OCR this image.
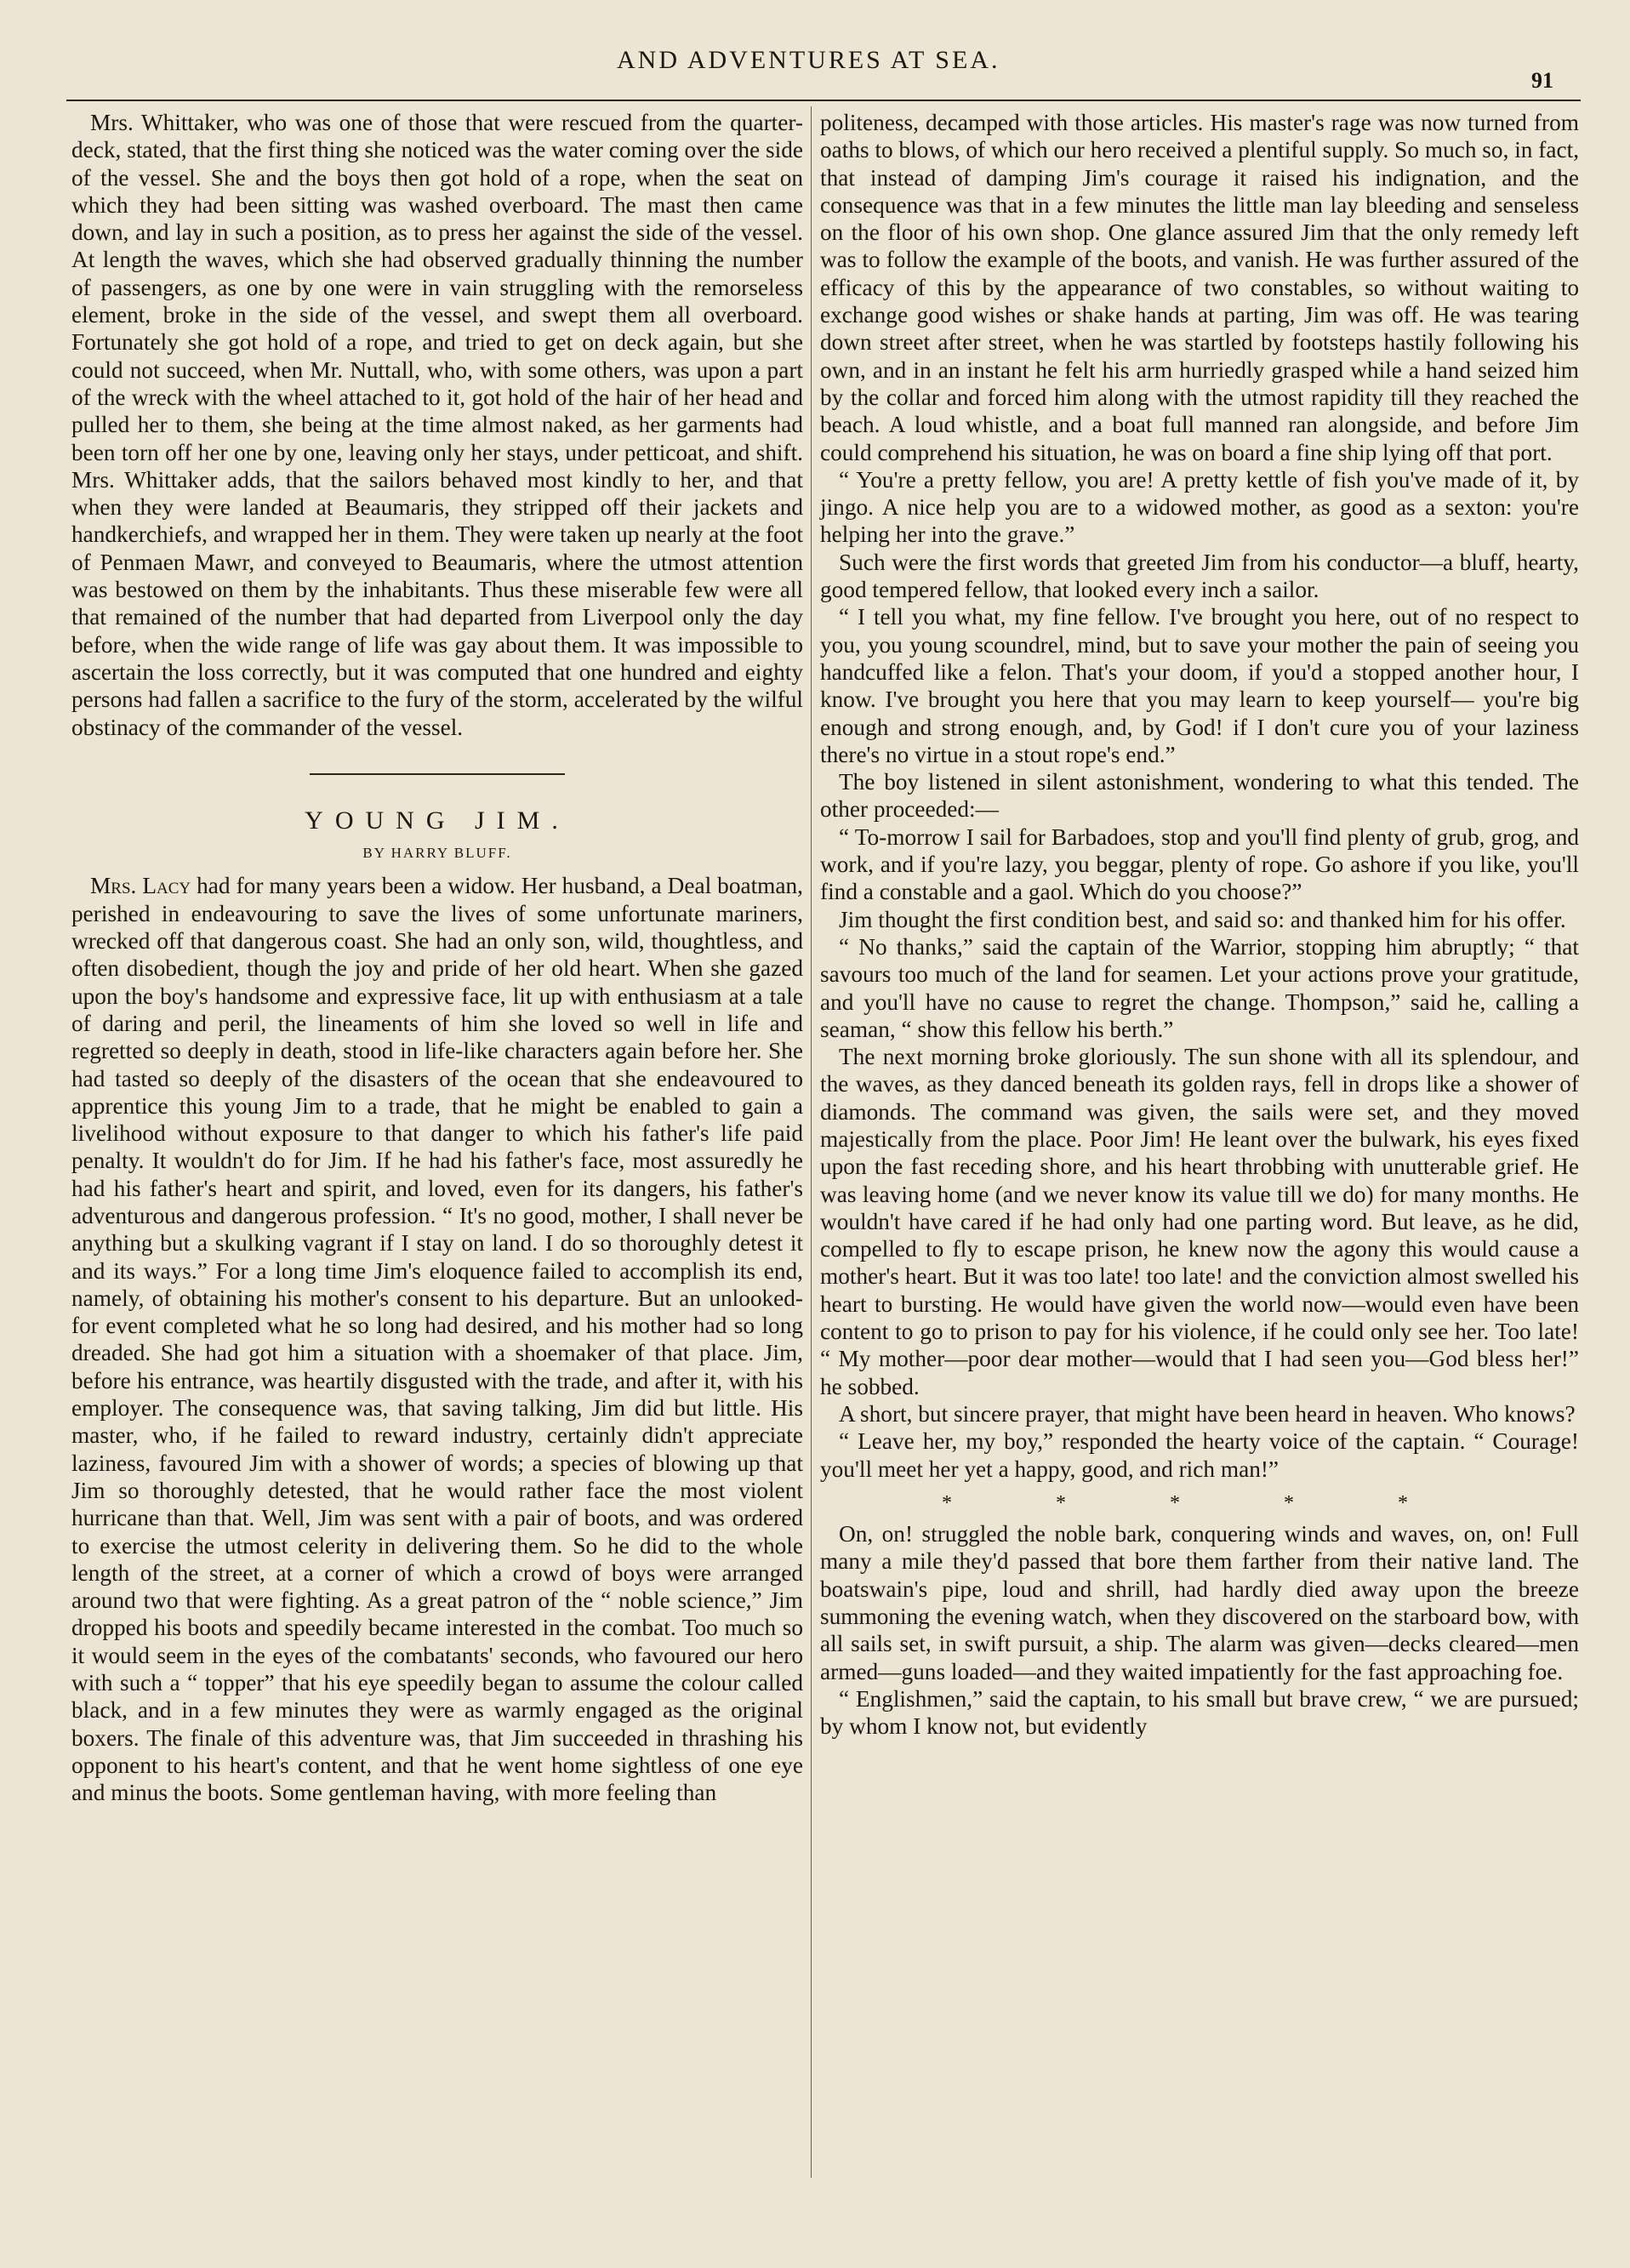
AND ADVENTURES AT SEA.
91

Mrs. Whittaker, who was one of those that were rescued from the quarter-deck, stated, that the first thing she noticed was the water coming over the side of the vessel. She and the boys then got hold of a rope, when the seat on which they had been sitting was washed overboard. The mast then came down, and lay in such a position, as to press her against the side of the vessel. At length the waves, which she had observed gradually thinning the number of passengers, as one by one were in vain struggling with the remorseless element, broke in the side of the vessel, and swept them all overboard. Fortunately she got hold of a rope, and tried to get on deck again, but she could not succeed, when Mr. Nuttall, who, with some others, was upon a part of the wreck with the wheel attached to it, got hold of the hair of her head and pulled her to them, she being at the time almost naked, as her garments had been torn off her one by one, leaving only her stays, under petticoat, and shift. Mrs. Whittaker adds, that the sailors behaved most kindly to her, and that when they were landed at Beaumaris, they stripped off their jackets and handkerchiefs, and wrapped her in them. They were taken up nearly at the foot of Penmaen Mawr, and conveyed to Beaumaris, where the utmost attention was bestowed on them by the inhabitants. Thus these miserable few were all that remained of the number that had departed from Liverpool only the day before, when the wide range of life was gay about them. It was impossible to ascertain the loss correctly, but it was computed that one hundred and eighty persons had fallen a sacrifice to the fury of the storm, accelerated by the wilful obstinacy of the commander of the vessel.

YOUNG JIM.
BY HARRY BLUFF.

Mrs. Lacy had for many years been a widow. Her husband, a Deal boatman, perished in endeavouring to save the lives of some unfortunate mariners, wrecked off that dangerous coast. She had an only son, wild, thoughtless, and often disobedient, though the joy and pride of her old heart. When she gazed upon the boy's handsome and expressive face, lit up with enthusiasm at a tale of daring and peril, the lineaments of him she loved so well in life and regretted so deeply in death, stood in life-like characters again before her. She had tasted so deeply of the disasters of the ocean that she endeavoured to apprentice this young Jim to a trade, that he might be enabled to gain a livelihood without exposure to that danger to which his father's life paid penalty. It wouldn't do for Jim. If he had his father's face, most assuredly he had his father's heart and spirit, and loved, even for its dangers, his father's adventurous and dangerous profession. “ It's no good, mother, I shall never be anything but a skulking vagrant if I stay on land. I do so thoroughly detest it and its ways.” For a long time Jim's eloquence failed to accomplish its end, namely, of obtaining his mother's consent to his departure. But an unlooked-for event completed what he so long had desired, and his mother had so long dreaded. She had got him a situation with a shoemaker of that place. Jim, before his entrance, was heartily disgusted with the trade, and after it, with his employer. The consequence was, that saving talking, Jim did but little. His master, who, if he failed to reward industry, certainly didn't appreciate laziness, favoured Jim with a shower of words; a species of blowing up that Jim so thoroughly detested, that he would rather face the most violent hurricane than that. Well, Jim was sent with a pair of boots, and was ordered to exercise the utmost celerity in delivering them. So he did to the whole length of the street, at a corner of which a crowd of boys were arranged around two that were fighting. As a great patron of the “ noble science,” Jim dropped his boots and speedily became interested in the combat. Too much so it would seem in the eyes of the combatants' seconds, who favoured our hero with such a “ topper” that his eye speedily began to assume the colour called black, and in a few minutes they were as warmly engaged as the original boxers. The finale of this adventure was, that Jim succeeded in thrashing his opponent to his heart's content, and that he went home sightless of one eye and minus the boots. Some gentleman having, with more feeling than

politeness, decamped with those articles. His master's rage was now turned from oaths to blows, of which our hero received a plentiful supply. So much so, in fact, that instead of damping Jim's courage it raised his indignation, and the consequence was that in a few minutes the little man lay bleeding and senseless on the floor of his own shop. One glance assured Jim that the only remedy left was to follow the example of the boots, and vanish. He was further assured of the efficacy of this by the appearance of two constables, so without waiting to exchange good wishes or shake hands at parting, Jim was off. He was tearing down street after street, when he was startled by footsteps hastily following his own, and in an instant he felt his arm hurriedly grasped while a hand seized him by the collar and forced him along with the utmost rapidity till they reached the beach. A loud whistle, and a boat full manned ran alongside, and before Jim could comprehend his situation, he was on board a fine ship lying off that port.

“ You're a pretty fellow, you are! A pretty kettle of fish you've made of it, by jingo. A nice help you are to a widowed mother, as good as a sexton: you're helping her into the grave.”

Such were the first words that greeted Jim from his conductor—a bluff, hearty, good tempered fellow, that looked every inch a sailor.

“ I tell you what, my fine fellow. I've brought you here, out of no respect to you, you young scoundrel, mind, but to save your mother the pain of seeing you handcuffed like a felon. That's your doom, if you'd a stopped another hour, I know. I've brought you here that you may learn to keep yourself— you're big enough and strong enough, and, by God! if I don't cure you of your laziness there's no virtue in a stout rope's end.”

The boy listened in silent astonishment, wondering to what this tended. The other proceeded:—

“ To-morrow I sail for Barbadoes, stop and you'll find plenty of grub, grog, and work, and if you're lazy, you beggar, plenty of rope. Go ashore if you like, you'll find a constable and a gaol. Which do you choose?”

Jim thought the first condition best, and said so: and thanked him for his offer.

“ No thanks,” said the captain of the Warrior, stopping him abruptly; “ that savours too much of the land for seamen. Let your actions prove your gratitude, and you'll have no cause to regret the change. Thompson,” said he, calling a seaman, “ show this fellow his berth.”

The next morning broke gloriously. The sun shone with all its splendour, and the waves, as they danced beneath its golden rays, fell in drops like a shower of diamonds. The command was given, the sails were set, and they moved majestically from the place. Poor Jim! He leant over the bulwark, his eyes fixed upon the fast receding shore, and his heart throbbing with unutterable grief. He was leaving home (and we never know its value till we do) for many months. He wouldn't have cared if he had only had one parting word. But leave, as he did, compelled to fly to escape prison, he knew now the agony this would cause a mother's heart. But it was too late! too late! and the conviction almost swelled his heart to bursting. He would have given the world now—would even have been content to go to prison to pay for his violence, if he could only see her. Too late! “ My mother—poor dear mother—would that I had seen you—God bless her!” he sobbed.

A short, but sincere prayer, that might have been heard in heaven. Who knows?

“ Leave her, my boy,” responded the hearty voice of the captain. “ Courage! you'll meet her yet a happy, good, and rich man!”

* * * * *

On, on! struggled the noble bark, conquering winds and waves, on, on! Full many a mile they'd passed that bore them farther from their native land. The boatswain's pipe, loud and shrill, had hardly died away upon the breeze summoning the evening watch, when they discovered on the starboard bow, with all sails set, in swift pursuit, a ship. The alarm was given—decks cleared—men armed—guns loaded—and they waited impatiently for the fast approaching foe.

“ Englishmen,” said the captain, to his small but brave crew, “ we are pursued; by whom I know not, but evidently
